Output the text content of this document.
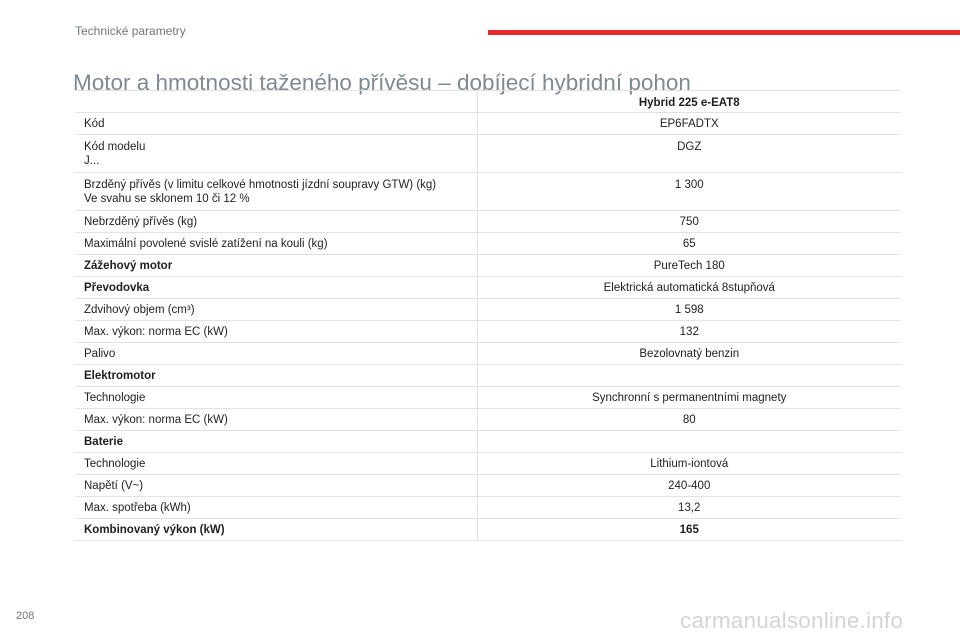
Technické parametry
Motor a hmotnosti taženého přívěsu – dobíjecí hybridní pohon
	Hybrid 225 e-EAT8
Kód	EP6FADTX

Kód modelu
J...	DGZ

Brzděný přívěs (v limitu celkové hmotnosti jízdní soupravy GTW) (kg)
Ve svahu se sklonem 10 či 12 %	1 300
Nebrzděný přívěs (kg)	750
Maximální povolené svislé zatížení na kouli (kg)	65
Zážehový motor	PureTech 180
Převodovka	Elektrická automatická 8stupňová
Zdvihový objem (cm³)	1 598
Max. výkon: norma EC (kW)	132
Palivo	Bezolovnatý benzin
Elektromotor	
Technologie	Synchronní s permanentními magnety
Max. výkon: norma EC (kW)	80
Baterie	
Technologie	Lithium-iontová
Napětí (V~)	240-400
Max. spotřeba (kWh)	13,2
Kombinovaný výkon (kW)	165
208	carmanualsonline.info
